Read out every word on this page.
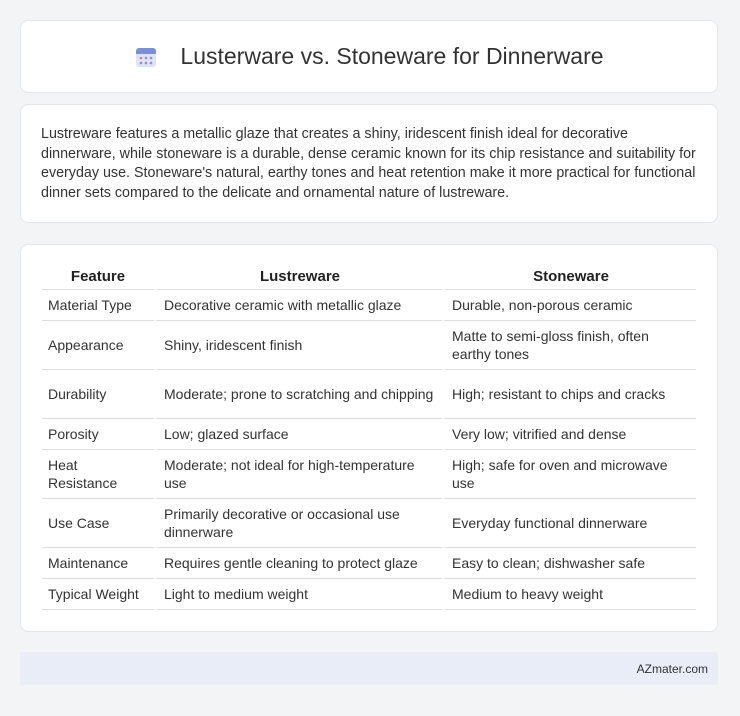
Lusterware vs. Stoneware for Dinnerware

Lustreware features a metallic glaze that creates a shiny, iridescent finish ideal for decorative dinnerware, while stoneware is a durable, dense ceramic known for its chip resistance and suitability for everyday use. Stoneware's natural, earthy tones and heat retention make it more practical for functional dinner sets compared to the delicate and ornamental nature of lustreware.

Feature	Lustreware	Stoneware
Material Type	Decorative ceramic with metallic glaze	Durable, non-porous ceramic
Appearance	Shiny, iridescent finish	Matte to semi-gloss finish, often earthy tones
Durability	Moderate; prone to scratching and chipping	High; resistant to chips and cracks
Porosity	Low; glazed surface	Very low; vitrified and dense
Heat Resistance	Moderate; not ideal for high-temperature use	High; safe for oven and microwave use
Use Case	Primarily decorative or occasional use dinnerware	Everyday functional dinnerware
Maintenance	Requires gentle cleaning to protect glaze	Easy to clean; dishwasher safe
Typical Weight	Light to medium weight	Medium to heavy weight
AZmater.com
